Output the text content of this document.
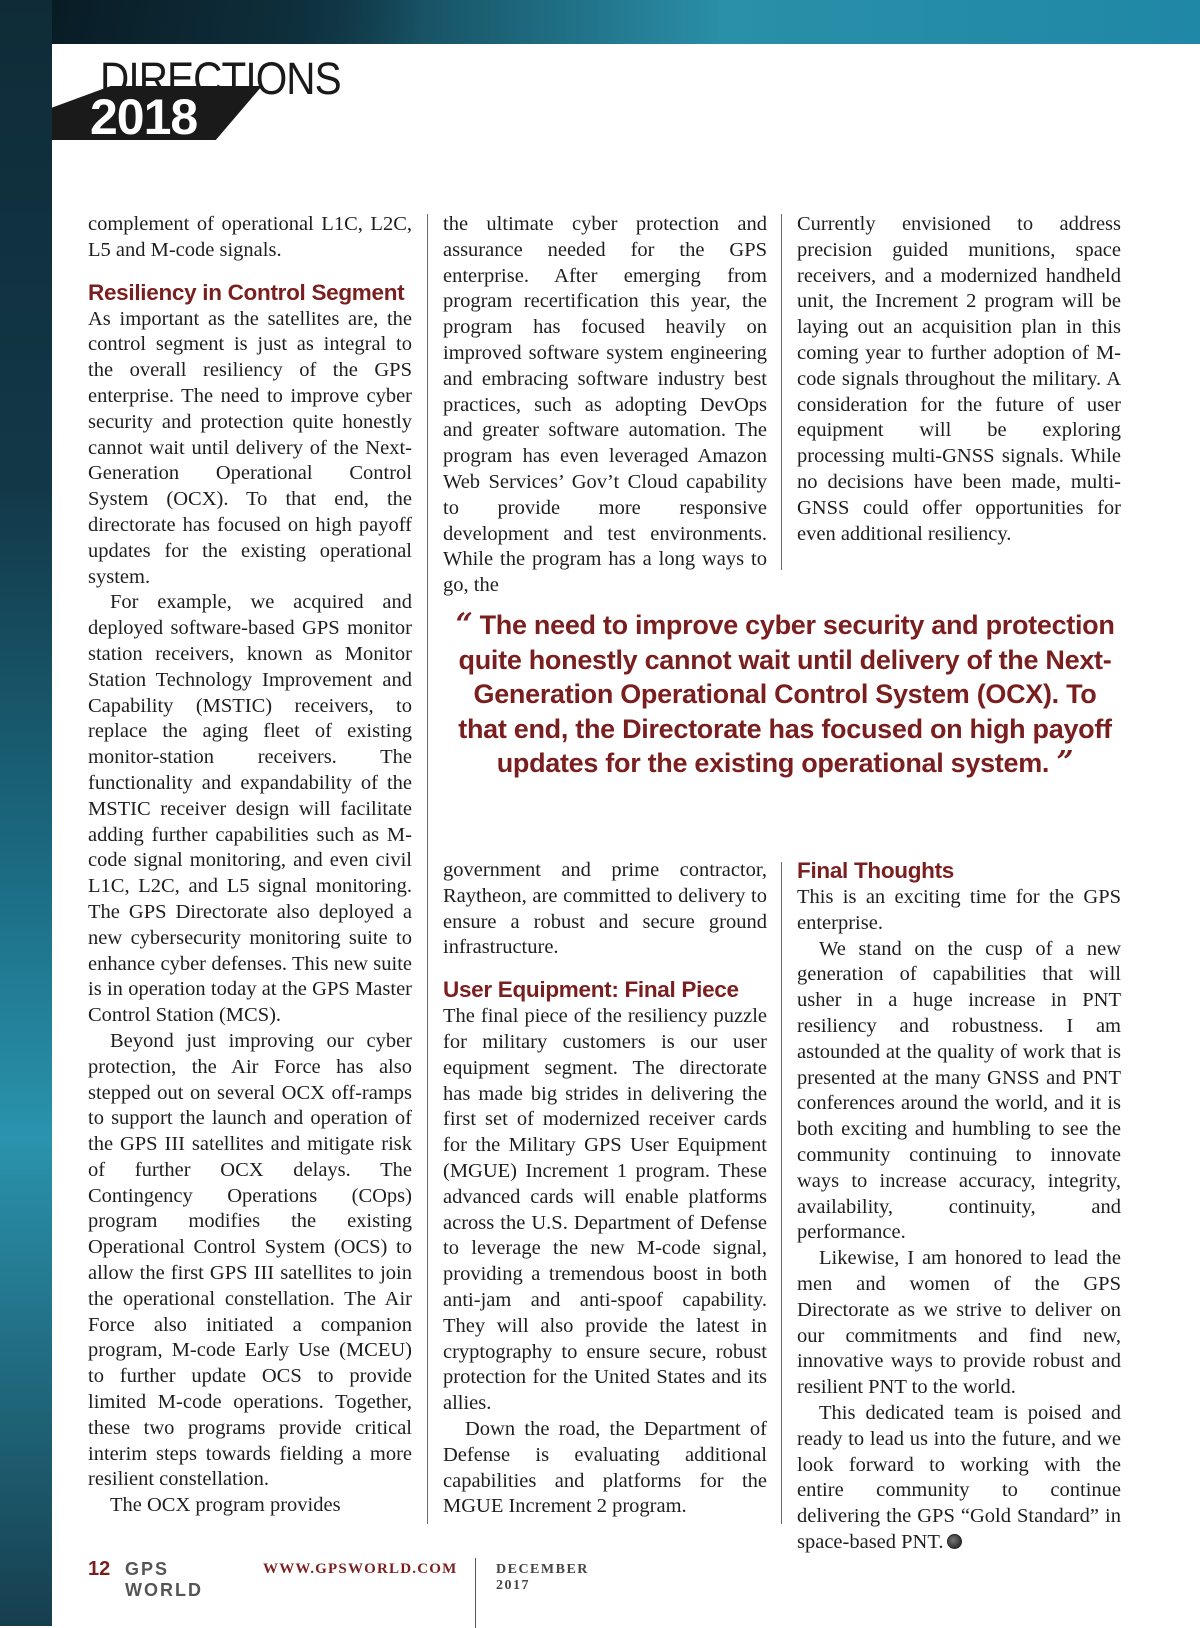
DIRECTIONS
2018

complement of operational L1C, L2C, L5 and M-code signals.

Resiliency in Control Segment

As important as the satellites are, the control segment is just as integral to the overall resiliency of the GPS enterprise. The need to improve cyber security and protection quite honestly cannot wait until delivery of the Next-Generation Operational Control System (OCX). To that end, the directorate has focused on high payoff updates for the existing operational system.

For example, we acquired and deployed software-based GPS monitor station receivers, known as Monitor Station Technology Improvement and Capability (MSTIC) receivers, to replace the aging fleet of existing monitor-station receivers. The functionality and expandability of the MSTIC receiver design will facilitate adding further capabilities such as M-code signal monitoring, and even civil L1C, L2C, and L5 signal monitoring. The GPS Directorate also deployed a new cybersecurity monitoring suite to enhance cyber defenses. This new suite is in operation today at the GPS Master Control Station (MCS).

Beyond just improving our cyber protection, the Air Force has also stepped out on several OCX off-ramps to support the launch and operation of the GPS III satellites and mitigate risk of further OCX delays. The Contingency Operations (COps) program modifies the existing Operational Control System (OCS) to allow the first GPS III satellites to join the operational constellation. The Air Force also initiated a companion program, M-code Early Use (MCEU) to further update OCS to provide limited M-code operations. Together, these two programs provide critical interim steps towards fielding a more resilient constellation.

The OCX program provides

the ultimate cyber protection and assurance needed for the GPS enterprise. After emerging from program recertification this year, the program has focused heavily on improved software system engineering and embracing software industry best practices, such as adopting DevOps and greater software automation. The program has even leveraged Amazon Web Services’ Gov’t Cloud capability to provide more responsive development and test environments. While the program has a long ways to go, the

Currently envisioned to address precision guided munitions, space receivers, and a modernized handheld unit, the Increment 2 program will be laying out an acquisition plan in this coming year to further adoption of M-code signals throughout the military. A consideration for the future of user equipment will be exploring processing multi-GNSS signals. While no decisions have been made, multi-GNSS could offer opportunities for even additional resiliency.

“ The need to improve cyber security and protection quite honestly cannot wait until delivery of the Next-Generation Operational Control System (OCX). To that end, the Directorate has focused on high payoff updates for the existing operational system. ”

government and prime contractor, Raytheon, are committed to delivery to ensure a robust and secure ground infrastructure.

User Equipment: Final Piece

The final piece of the resiliency puzzle for military customers is our user equipment segment. The directorate has made big strides in delivering the first set of modernized receiver cards for the Military GPS User Equipment (MGUE) Increment 1 program. These advanced cards will enable platforms across the U.S. Department of Defense to leverage the new M-code signal, providing a tremendous boost in both anti-jam and anti-spoof capability. They will also provide the latest in cryptography to ensure secure, robust protection for the United States and its allies.

Down the road, the Department of Defense is evaluating additional capabilities and platforms for the MGUE Increment 2 program.

Final Thoughts

This is an exciting time for the GPS enterprise.

We stand on the cusp of a new generation of capabilities that will usher in a huge increase in PNT resiliency and robustness. I am astounded at the quality of work that is presented at the many GNSS and PNT conferences around the world, and it is both exciting and humbling to see the community continuing to innovate ways to increase accuracy, integrity, availability, continuity, and performance.

Likewise, I am honored to lead the men and women of the GPS Directorate as we strive to deliver on our commitments and find new, innovative ways to provide robust and resilient PNT to the world.

This dedicated team is poised and ready to lead us into the future, and we look forward to working with the entire community to continue delivering the GPS “Gold Standard” in space-based PNT.

12 GPS WORLD
WWW.GPSWORLD.COM	DECEMBER 2017
